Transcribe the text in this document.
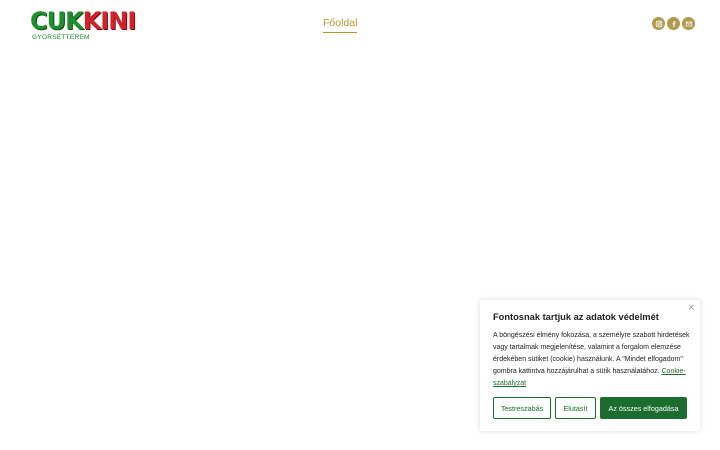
CUKKINI
GYORSÉTTEREM
Főoldal
×
Fontosnak tartjuk az adatok védelmét

A böngészési élmény fokozása, a személyre szabott hirdetések vagy tartalmak megjelenítése, valamint a forgalom elemzése érdekében sütiket (cookie) használunk. A "Mindet elfogadom" gombra kattintva hozzájárulhat a sütik használatához. Cookie-szabályzat

Testreszabás	Elutasít	Az összes elfogadása
